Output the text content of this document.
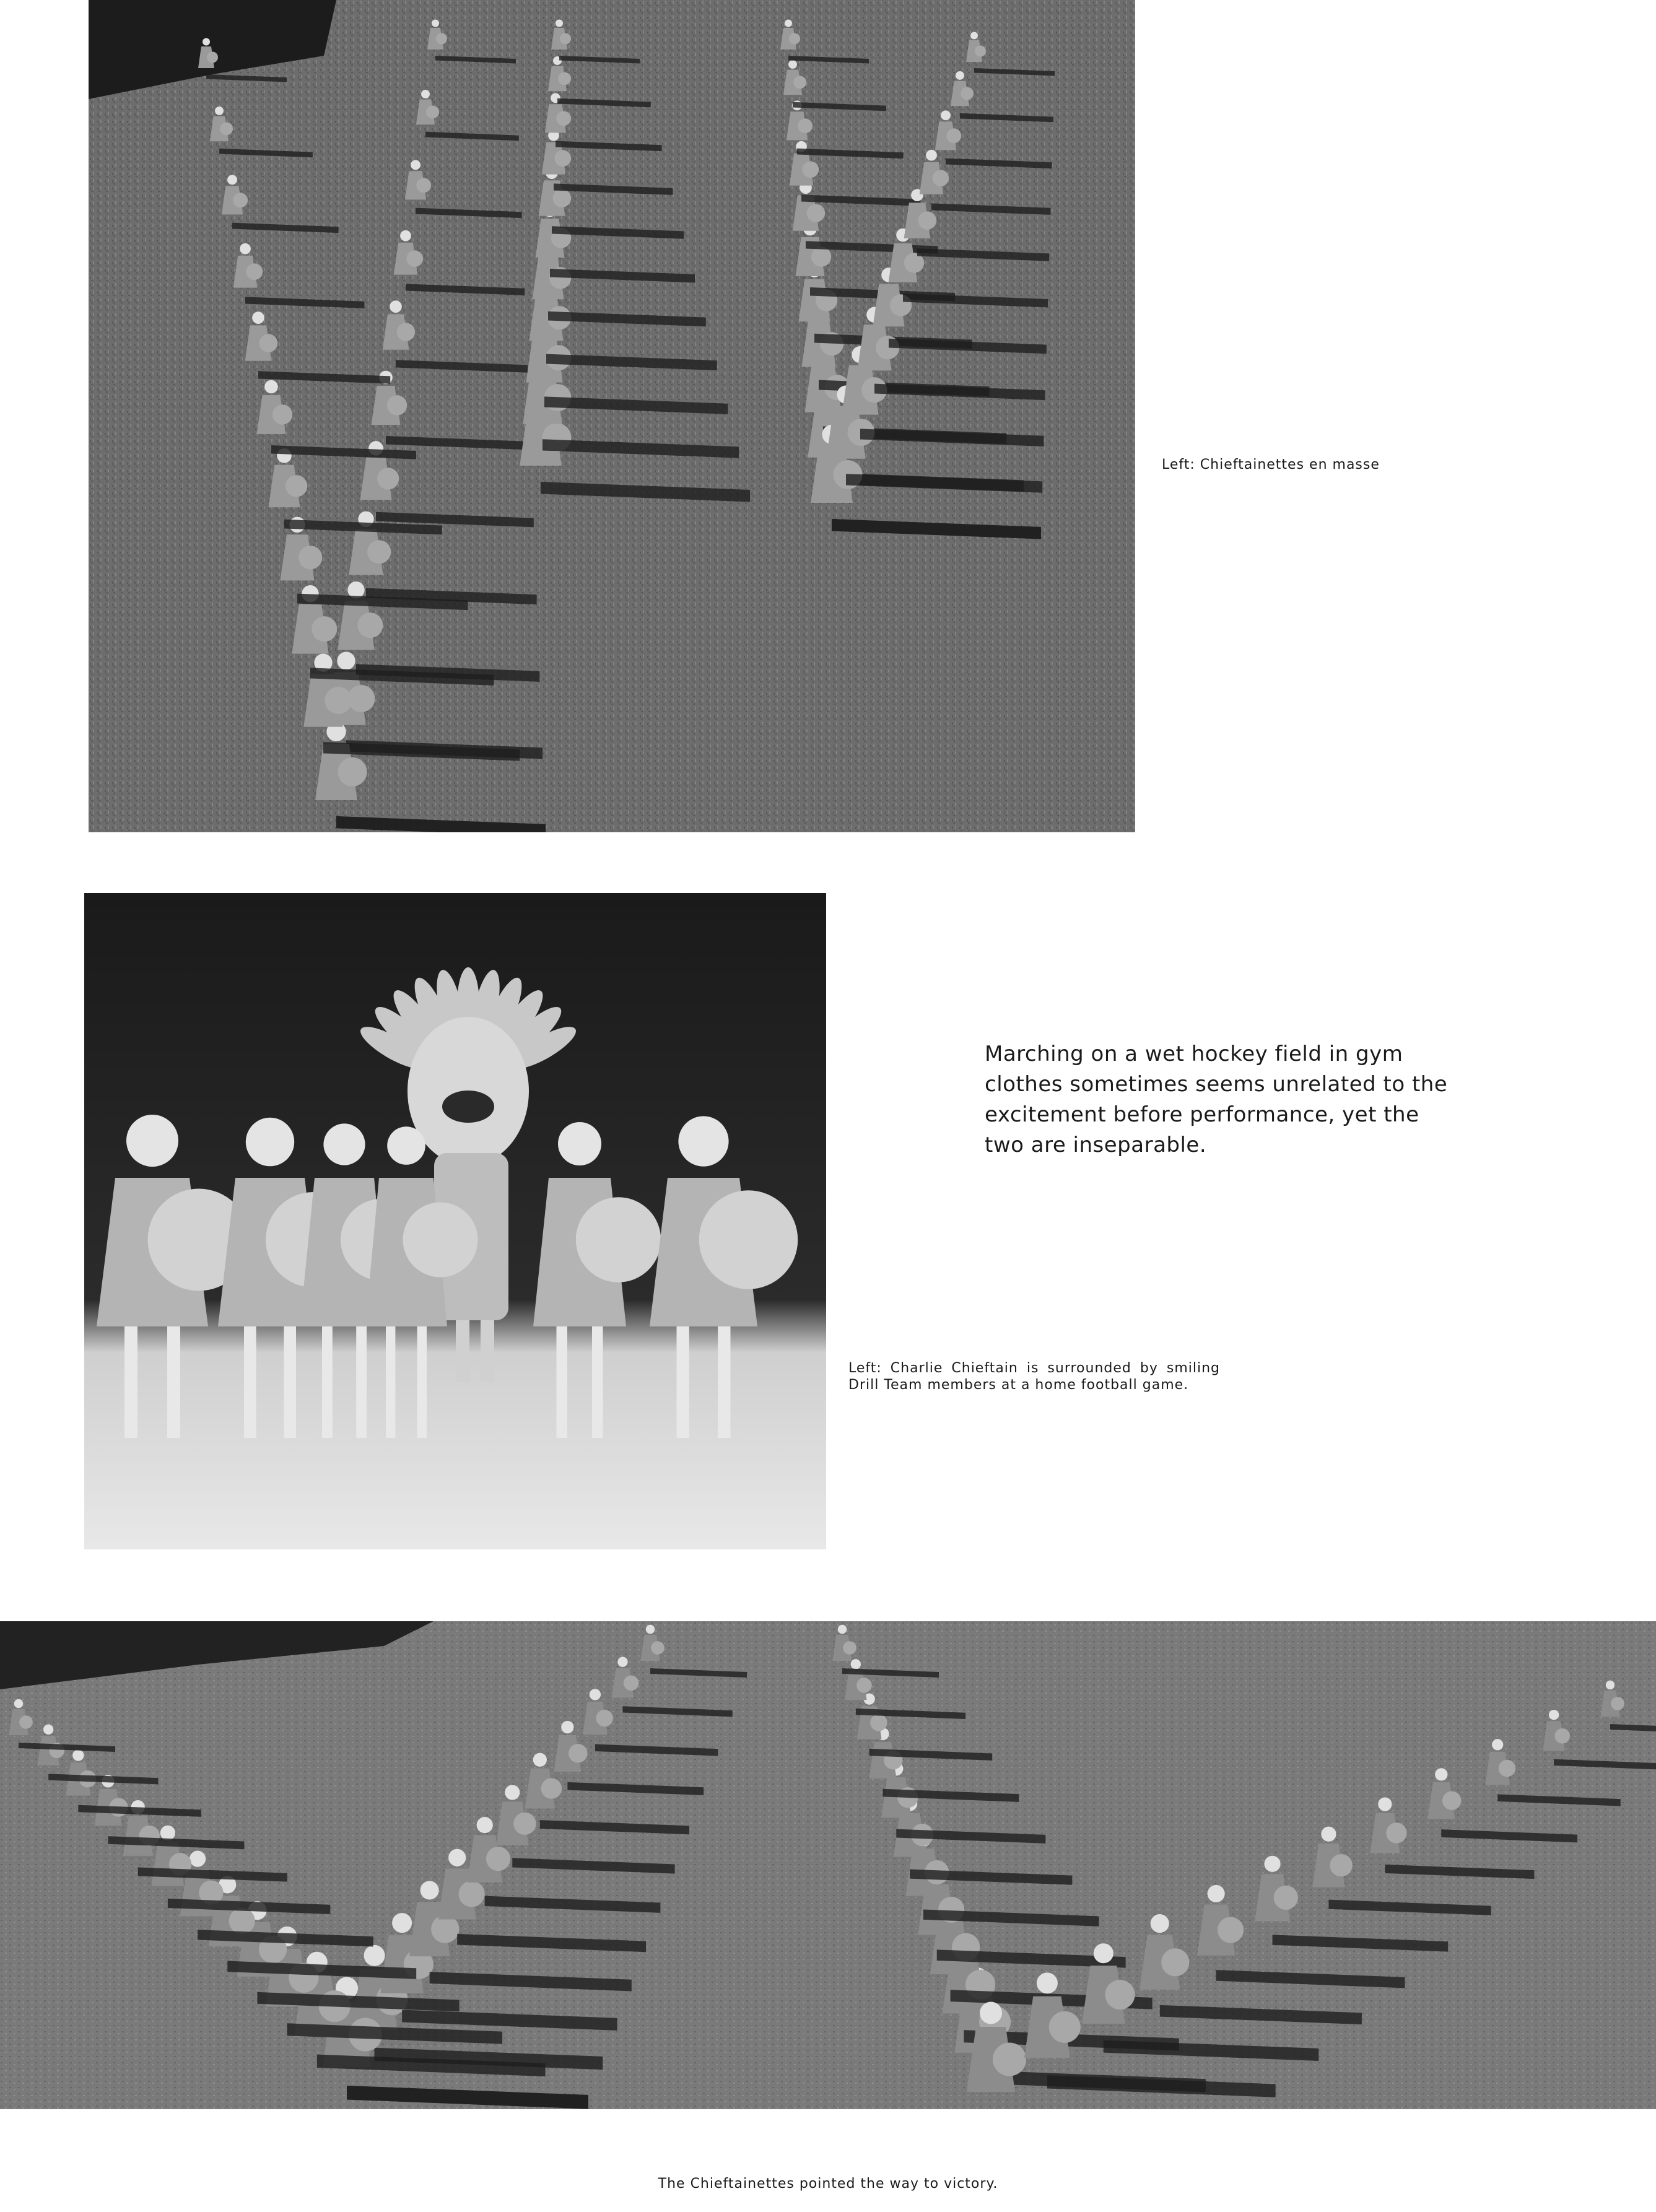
Left: Chieftainettes en masse

Marching on a wet hockey field in gym clothes sometimes seems unrelated to the excitement before performance, yet the two are inseparable.

Left: Charlie Chieftain is surrounded by smiling Drill Team members at a home football game.

The Chieftainettes pointed the way to victory.
